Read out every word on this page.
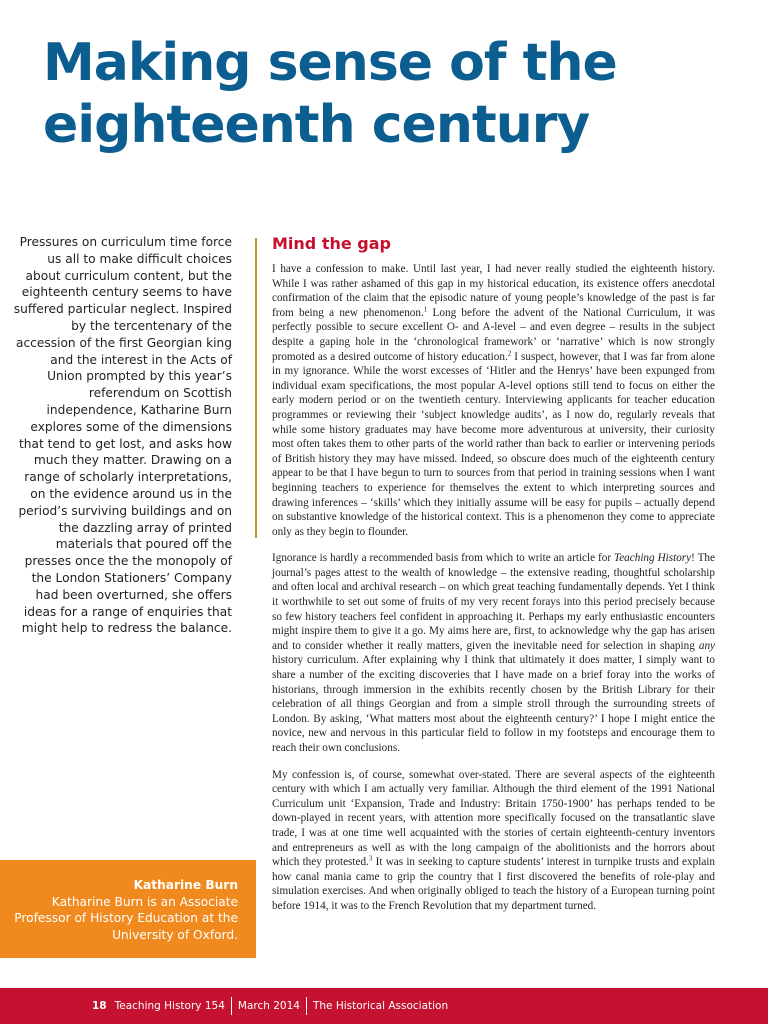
Making sense of the
eighteenth century

Pressures on curriculum time force us all to make difficult choices about curriculum content, but the eighteenth century seems to have suffered particular neglect. Inspired by the tercentenary of the accession of the first Georgian king and the interest in the Acts of Union prompted by this year’s referendum on Scottish independence, Katharine Burn explores some of the dimensions that tend to get lost, and asks how much they matter. Drawing on a range of scholarly interpretations, on the evidence around us in the period’s surviving buildings and on the dazzling array of printed materials that poured off the presses once the the monopoly of the London Stationers’ Company had been overturned, she offers ideas for a range of enquiries that might help to redress the balance.

Mind the gap

I have a confession to make. Until last year, I had never really studied the eighteenth history. While I was rather ashamed of this gap in my historical education, its existence offers anecdotal confirmation of the claim that the episodic nature of young people’s knowledge of the past is far from being a new phenomenon.$^1$ Long before the advent of the National Curriculum, it was perfectly possible to secure excellent O- and A-level – and even degree – results in the subject despite a gaping hole in the ‘chronological framework’ or ‘narrative’ which is now strongly promoted as a desired outcome of history education.$^2$ I suspect, however, that I was far from alone in my ignorance. While the worst excesses of ‘Hitler and the Henrys’ have been expunged from individual exam specifications, the most popular A-level options still tend to focus on either the early modern period or on the twentieth century. Interviewing applicants for teacher education programmes or reviewing their ‘subject knowledge audits’, as I now do, regularly reveals that while some history graduates may have become more adventurous at university, their curiosity most often takes them to other parts of the world rather than back to earlier or intervening periods of British history they may have missed. Indeed, so obscure does much of the eighteenth century appear to be that I have begun to turn to sources from that period in training sessions when I want beginning teachers to experience for themselves the extent to which interpreting sources and drawing inferences – ‘skills’ which they initially assume will be easy for pupils – actually depend on substantive knowledge of the historical context. This is a phenomenon they come to appreciate only as they begin to flounder.

Ignorance is hardly a recommended basis from which to write an article for Teaching History! The journal’s pages attest to the wealth of knowledge – the extensive reading, thoughtful scholarship and often local and archival research – on which great teaching fundamentally depends. Yet I think it worthwhile to set out some of fruits of my very recent forays into this period precisely because so few history teachers feel confident in approaching it. Perhaps my early enthusiastic encounters might inspire them to give it a go. My aims here are, first, to acknowledge why the gap has arisen and to consider whether it really matters, given the inevitable need for selection in shaping any history curriculum. After explaining why I think that ultimately it does matter, I simply want to share a number of the exciting discoveries that I have made on a brief foray into the works of historians, through immersion in the exhibits recently chosen by the British Library for their celebration of all things Georgian and from a simple stroll through the surrounding streets of London. By asking, ‘What matters most about the eighteenth century?’ I hope I might entice the novice, new and nervous in this particular field to follow in my footsteps and encourage them to reach their own conclusions.

My confession is, of course, somewhat over-stated. There are several aspects of the eighteenth century with which I am actually very familiar. Although the third element of the 1991 National Curriculum unit ‘Expansion, Trade and Industry: Britain 1750-1900’ has perhaps tended to be down-played in recent years, with attention more specifically focused on the transatlantic slave trade, I was at one time well acquainted with the stories of certain eighteenth-century inventors and entrepreneurs as well as with the long campaign of the abolitionists and the horrors about which they protested.$^3$ It was in seeking to capture students’ interest in turnpike trusts and explain how canal mania came to grip the country that I first discovered the benefits of role-play and simulation exercises. And when originally obliged to teach the history of a European turning point before 1914, it was to the French Revolution that my department turned.

Katharine Burn
Katharine Burn is an Associate Professor of History Education at the University of Oxford.
18 Teaching History 154 March 2014 The Historical Association
